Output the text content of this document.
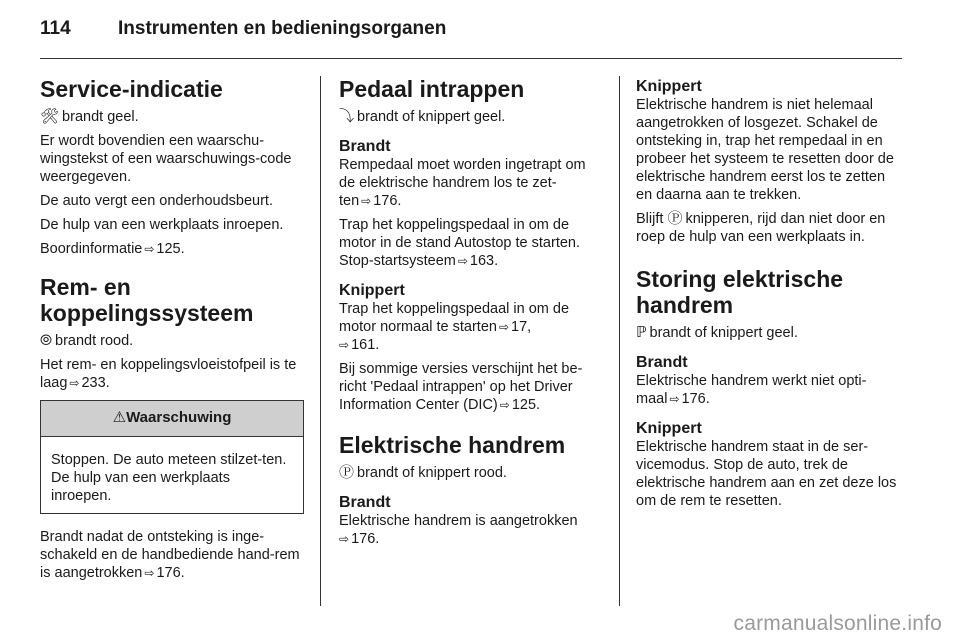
114 Instrumenten en bedieningsorganen
Service-indicatie

🛠 brandt geel.

Er wordt bovendien een waarschu-wingstekst of een waarschuwings-code weergegeven.

De auto vergt een onderhoudsbeurt.

De hulp van een werkplaats inroepen.

Boordinformatie ⇨ 125.

Rem- en koppelingssysteem

⦾ brandt rood.

Het rem- en koppelingsvloeistofpeil is te laag ⇨ 233.

⚠Waarschuwing
Stoppen. De auto meteen stilzet-ten. De hulp van een werkplaats inroepen.

Brandt nadat de ontsteking is inge-schakeld en de handbediende hand-rem is aangetrokken ⇨ 176.

Pedaal intrappen

⤵ brandt of knippert geel.

Brandt

Rempedaal moet worden ingetrapt om de elektrische handrem los te zet-ten ⇨ 176.

Trap het koppelingspedaal in om de motor in de stand Autostop te starten. Stop-startsysteem ⇨ 163.

Knippert

Trap het koppelingspedaal in om de motor normaal te starten ⇨ 17,
⇨ 161.

Bij sommige versies verschijnt het be-richt 'Pedaal intrappen' op het Driver Information Center (DIC) ⇨ 125.

Elektrische handrem

Ⓟ brandt of knippert rood.

Brandt

Elektrische handrem is aangetrokken
⇨ 176.

Knippert

Elektrische handrem is niet helemaal aangetrokken of losgezet. Schakel de ontsteking in, trap het rempedaal in en probeer het systeem te resetten door de elektrische handrem eerst los te zetten en daarna aan te trekken.

Blijft Ⓟ knipperen, rijd dan niet door en roep de hulp van een werkplaats in.

Storing elektrische handrem

ℙ brandt of knippert geel.

Brandt

Elektrische handrem werkt niet opti-maal ⇨ 176.

Knippert

Elektrische handrem staat in de ser-vicemodus. Stop de auto, trek de elektrische handrem aan en zet deze los om de rem te resetten.

carmanualsonline.info
